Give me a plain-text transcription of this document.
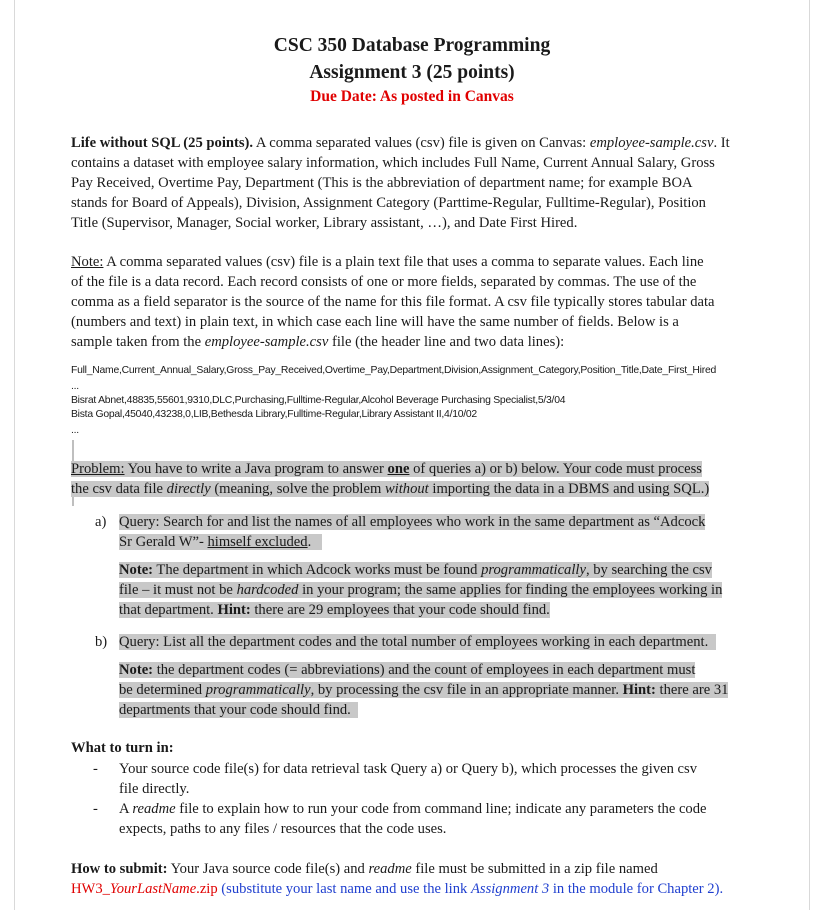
CSC 350 Database Programming
Assignment 3 (25 points)
Due Date: As posted in Canvas
Life without SQL (25 points). A comma separated values (csv) file is given on Canvas: employee-sample.csv. It
contains a dataset with employee salary information, which includes Full Name, Current Annual Salary, Gross
Pay Received, Overtime Pay, Department (This is the abbreviation of department name; for example BOA
stands for Board of Appeals), Division, Assignment Category (Parttime-Regular, Fulltime-Regular), Position
Title (Supervisor, Manager, Social worker, Library assistant, …), and Date First Hired.
Note: A comma separated values (csv) file is a plain text file that uses a comma to separate values. Each line
of the file is a data record. Each record consists of one or more fields, separated by commas. The use of the
comma as a field separator is the source of the name for this file format. A csv file typically stores tabular data
(numbers and text) in plain text, in which case each line will have the same number of fields. Below is a
sample taken from the employee-sample.csv file (the header line and two data lines):
Full_Name,Current_Annual_Salary,Gross_Pay_Received,Overtime_Pay,Department,Division,Assignment_Category,Position_Title,Date_First_Hired
...
Bisrat Abnet,48835,55601,9310,DLC,Purchasing,Fulltime-Regular,Alcohol Beverage Purchasing Specialist,5/3/04
Bista Gopal,45040,43238,0,LIB,Bethesda Library,Fulltime-Regular,Library Assistant II,4/10/02
...
Problem: You have to write a Java program to answer one of queries a) or b) below. Your code must process
the csv data file directly (meaning, solve the problem without importing the data in a DBMS and using SQL.)
a) Query: Search for and list the names of all employees who work in the same department as “Adcock
Sr Gerald W”- himself excluded.
Note: The department in which Adcock works must be found programmatically, by searching the csv
file – it must not be hardcoded in your program; the same applies for finding the employees working in
that department. Hint: there are 29 employees that your code should find.
b) Query: List all the department codes and the total number of employees working in each department.
Note: the department codes (= abbreviations) and the count of employees in each department must
be determined programmatically, by processing the csv file in an appropriate manner. Hint: there are 31
departments that your code should find.
What to turn in:
- Your source code file(s) for data retrieval task Query a) or Query b), which processes the given csv
file directly.
- A readme file to explain how to run your code from command line; indicate any parameters the code
expects, paths to any files / resources that the code uses.
How to submit: Your Java source code file(s) and readme file must be submitted in a zip file named
HW3_YourLastName.zip (substitute your last name and use the link Assignment 3 in the module for Chapter 2).
